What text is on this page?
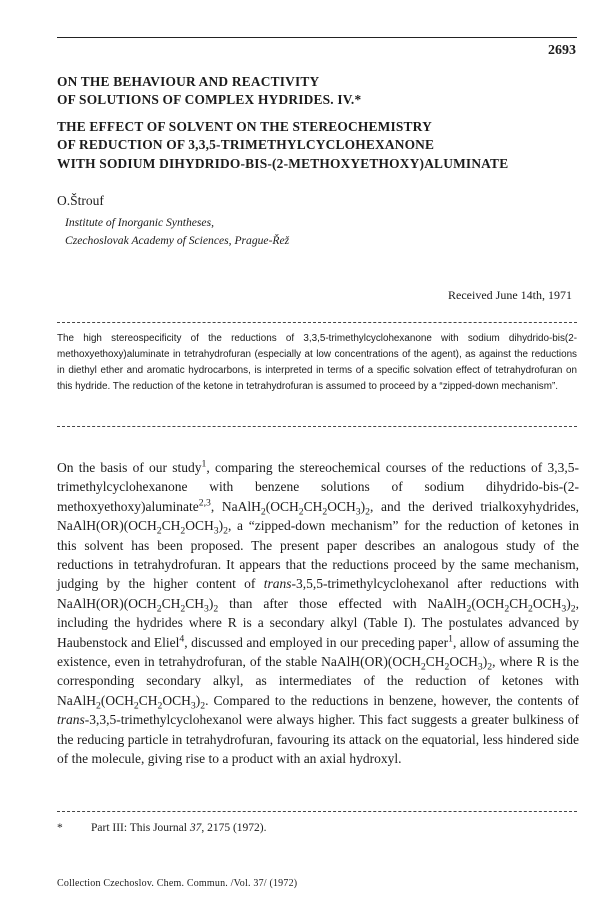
2693
ON THE BEHAVIOUR AND REACTIVITY
OF SOLUTIONS OF COMPLEX HYDRIDES. IV.*
THE EFFECT OF SOLVENT ON THE STEREOCHEMISTRY
OF REDUCTION OF 3,3,5-TRIMETHYLCYCLOHEXANONE
WITH SODIUM DIHYDRIDO-BIS-(2-METHOXYETHOXY)ALUMINATE
O.Štrouf
Institute of Inorganic Syntheses,
Czechoslovak Academy of Sciences, Prague-Řež
Received June 14th, 1971
The high stereospecificity of the reductions of 3,3,5-trimethylcyclohexanone with sodium dihydrido-bis(2-methoxyethoxy)aluminate in tetrahydrofuran (especially at low concentrations of the agent), as against the reductions in diethyl ether and aromatic hydrocarbons, is interpreted in terms of a specific solvation effect of tetrahydrofuran on this hydride. The reduction of the ketone in tetrahydrofuran is assumed to proceed by a “zipped-down mechanism”.
On the basis of our study$^1$, comparing the stereochemical courses of the reductions of 3,3,5-trimethylcyclohexanone with benzene solutions of sodium dihydrido-bis-(2-methoxyethoxy)aluminate$^{2,3}$, $NaAlH_2(OCH_2CH_2OCH_3)_2$, and the derived trialkoxyhydrides, $NaAlH(OR)(OCH_2CH_2OCH_3)_2$, a “zipped-down mechanism” for the reduction of ketones in this solvent has been proposed. The present paper describes an analogous study of the reductions in tetrahydrofuran. It appears that the reductions proceed by the same mechanism, judging by the higher content of trans-3,5,5-trimethylcyclohexanol after reductions with $NaAlH(OR)(OCH_2CH_2CH_3)_2$ than after those effected with $NaAlH_2(OCH_2CH_2OCH_3)_2$, including the hydrides where R is a secondary alkyl (Table I). The postulates advanced by Haubenstock and Eliel$^4$, discussed and employed in our preceding paper$^1$, allow of assuming the existence, even in tetrahydrofuran, of the stable $NaAlH(OR)(OCH_2CH_2OCH_3)_2$, where R is the corresponding secondary alkyl, as intermediates of the reduction of ketones with $NaAlH_2(OCH_2CH_2OCH_3)_2$. Compared to the reductions in benzene, however, the contents of trans-3,3,5-trimethylcyclohexanol were always higher. This fact suggests a greater bulkiness of the reducing particle in tetrahydrofuran, favouring its attack on the equatorial, less hindered side of the molecule, giving rise to a product with an axial hydroxyl.
* Part III: This Journal 37, 2175 (1972).
Collection Czechoslov. Chem. Commun. /Vol. 37/ (1972)
